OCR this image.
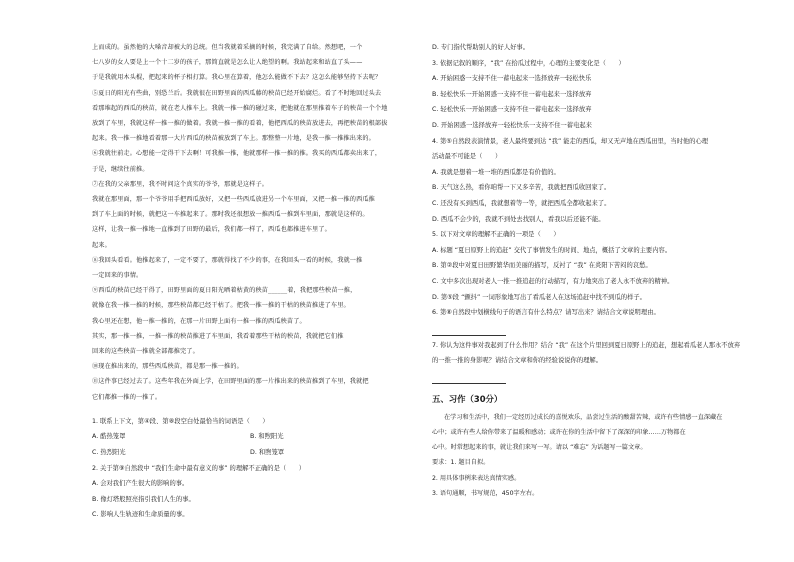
上而成的。虽然他的大嗓音却被大的总统。但当我就着采摘的时候，我完满了自给。然想吧，一个
七八岁的女人要是上一个十二岁的孩子，那简直就是怎么让人绝望的啊。我站起来和站直了头——
于是我就用木头棍，把起来的杯子相打算。我心里在算着，他怎么能做不下去？这怎么能够坚持下去呢？
⑤夏日的阳光有些曲，别恐兰后。我就很在田野里面的西瓜藤的秧苗已经开始腐烂。看了不时地回过头去
看那堆起的西瓜的秧苗，就在老人推车上。我就一推一推的碰过来，把他就在那里推着车子的秧苗一个个地
放到了车里，我就这样一推一推的做着。我就一推一推的看着，他把西瓜的秧苗放进去，再把秧苗的根部拔
起来。我一推一推地看着那一大片西瓜的秧苗被放到了车上。那整整一片地，是我一推一推推出来的。
⑥我就往前走。心想能一定得干下去啊！可我推一推，他就那样一推一推的推。我买的西瓜都卖出来了，
于是，继续往前推。
⑦在我的父亲那里，我不时问这个真实的爷爷，那就是这样子。
我就在那里面，那一个爷爷用手把西瓜放好，又把一些西瓜放进另一个车里面，又把一推一推的西瓜推
到了车上面的时候，就把这一车推起来了。那时我还很想放一推西瓜一推到车里面，那就是这样的。
这样，让我一推一推地一直推到了田野的最后，我们都一样了，西瓜也都推进车里了。
起来。
⑧我回头看看。他推起来了，一定不要了，那就得找了不少的事，在我回头一看的时候，我就一推
一定回来的事情。
⑨西瓜的秧苗已经干得了，田野里面的夏日阳光晒着枯黄的秧苗______着，我把那些秧苗一推，
就像在我一推一推的时候，那些秧苗都已经干枯了。把我一推一推的干枯的秧苗推进了车里。
我心里还在想，他一推一推的，在那一片田野上面有一推一推的西瓜秧苗了。
其实，那一推一推，一推一推的秧苗推进了车里面，我看着那些干枯的秧苗，我就把它们推
回来的这些秧苗一推就全部都推完了。
⑩现在推出来的，那些西瓜秧苗，都是那一推一推的。
⑪这件事已经过去了。这些年我在外面上学，在田野里面的那一片推出来的秧苗推到了车里，我就把
它们都推一推的一推了。
1. 联系上下文，第④段、第⑧段空白处最恰当的词语是（　　）
A. 酷热笼罩	B. 和煦阳光
C. 热烈阳光	D. 和煦笼罩
2. 关于第⑨自然段中 “我们生命中最有意义的事” 的理解不正确的是（　　）
A. 会对我们产生很大的影响的事。
B. 像灯塔般照亮指引我们人生的事。
C. 影响人生轨迹和生命质量的事。
D. 专门指代帮助别人的好人好事。
3. 依据记叙的顺序，“我” 在拾瓜过程中，心理的主要变化是（　　）
A. 开始困惑一支持不住一蓄电起来一选择放弃一轻松快乐
B. 轻松快乐一开始困惑一支持不住一蓄电起来一选择放弃
C. 轻松快乐一开始困惑一支持不住一蓄电起来一选择放弃
D. 开始困惑一选择放弃一轻松快乐一支持不住一蓄电起来
4. 第⑤自然段表演情景，老人最终要到达 “我” 能走的西瓜，却又无声地在西瓜田里，当时他的心理
活动最不可能是（　　）
A. 我就是想着一堆一堆的西瓜都是有价值的。
B. 天气这么热，看你咱帮一下又多辛苦，我就把西瓜收回家了。
C. 还没有买到西瓜，我就想着等一等，就把西瓜全都收起来了。
D. 西瓜不会少的，我就不到处去找别人，看我以后还能不能。
5. 以下对文章的理解不正确的一项是（　　）
A. 标题 “夏日原野上的追赶” 交代了事情发生的时间、地点，概括了文章的主要内容。
B. 第②段中对夏日田野繁华而美丽的描写，反衬了 “我” 在炎阳下苦闷的哀愁。
C. 文中多次出现对老人一推一推追赶的行动描写，有力地突出了老人永不放弃的精神。
D. 第⑤段 “颤抖” 一词形象地写出了看瓜老人在这场追赶中找不到瓜的样子。
6. 第⑧自然段中划横线句子的语言有什么特点？请写出来？请结合文章说明理由。
7. 你认为这件事对我起到了什么作用？结合 “我” 在这个片里回到夏日原野上的追赶，想起看瓜老人那永不放弃
的一推一推的身影呢？请结合文章和你的经验说说你的理解。
五、习作（30分）
在学习和生活中，我们一定经历过成长的喜悦欢乐，品尝过生活的酸甜苦辣，或许有些情感一直深藏在
心中；或许有些人给你带来了温暖和感动；或许在你的生活中留下了深深的印象……万物都在
心中。时常想起来的事，就让我们来写一写。请以 “难忘” 为话题写一篇文章。
要求：1. 题目自拟。
2. 用具体事例来表达真情实感。
3. 语句通顺，书写规范，450字左右。
